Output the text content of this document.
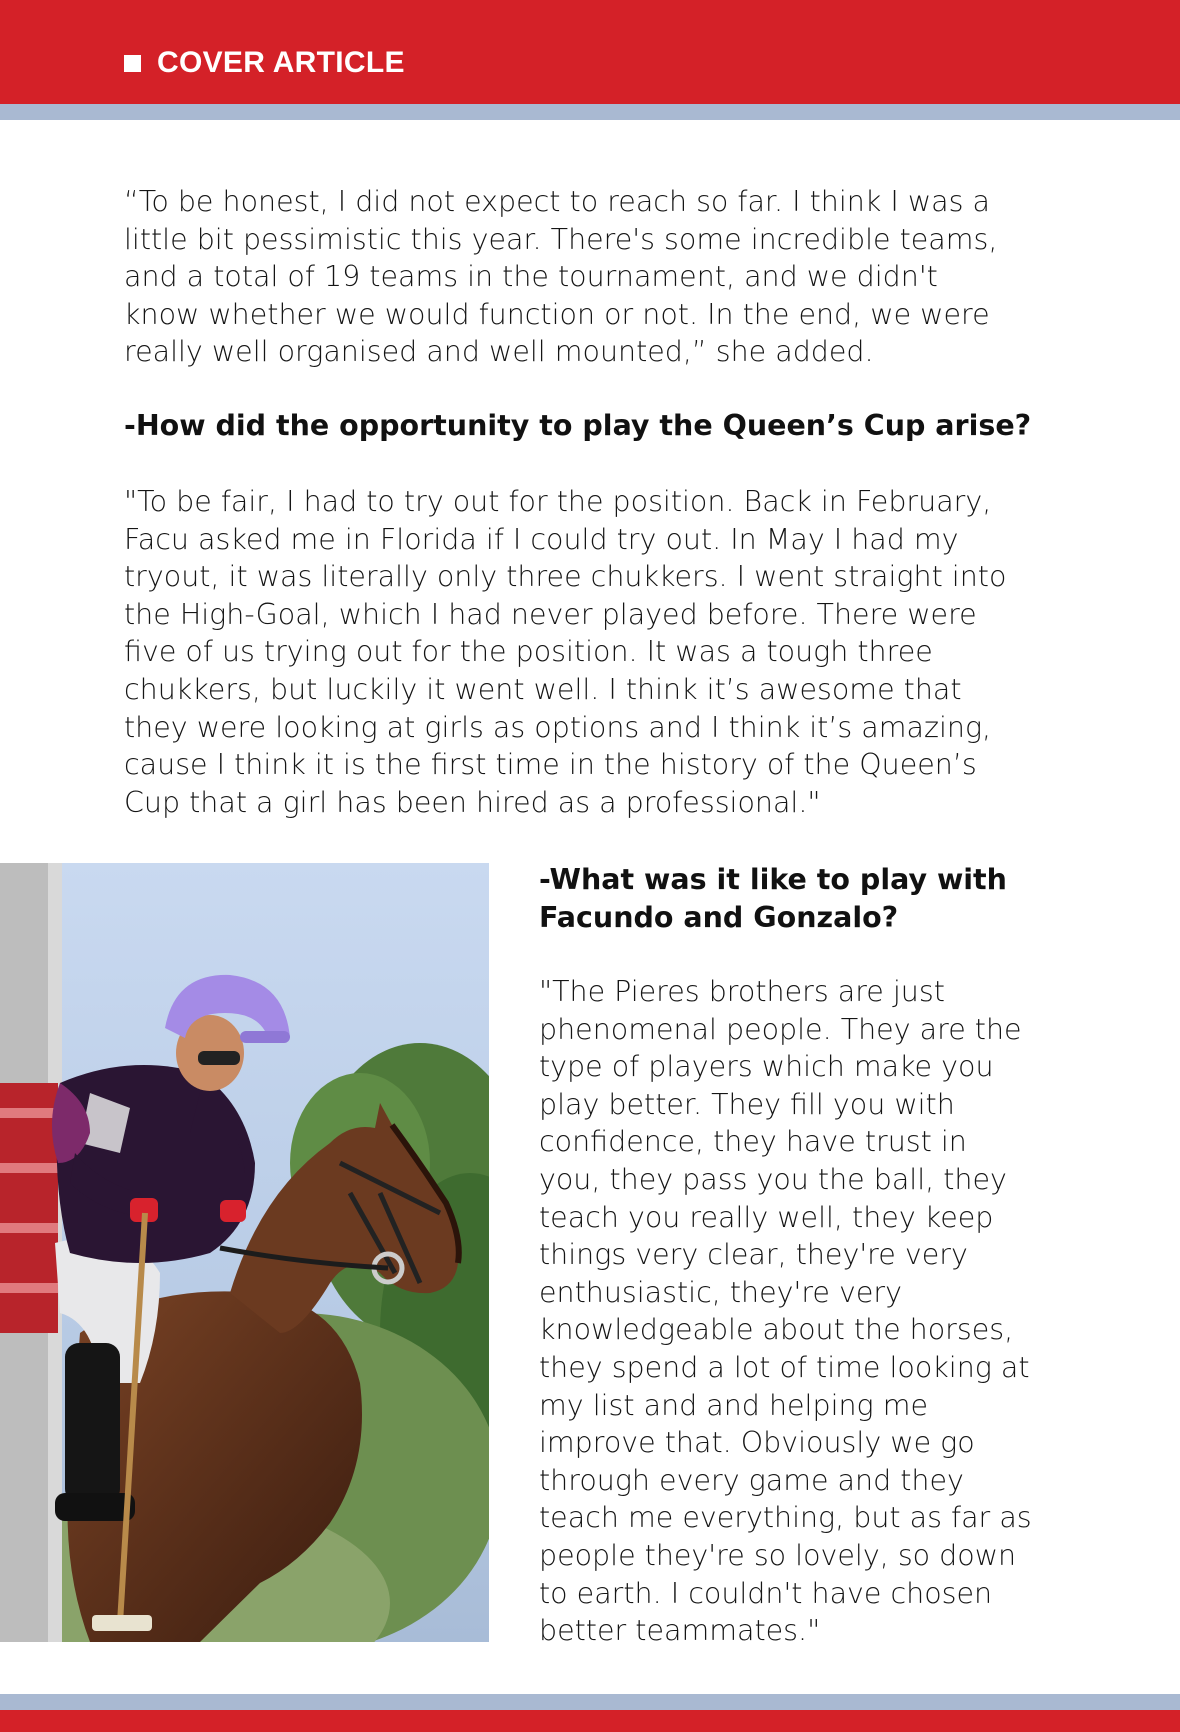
COVER ARTICLE

“To be honest, I did not expect to reach so far. I think I was a
little bit pessimistic this year. There's some incredible teams,
and a total of 19 teams in the tournament, and we didn't
know whether we would function or not. In the end, we were
really well organised and well mounted,” she added.

-How did the opportunity to play the Queen’s Cup arise?

"To be fair, I had to try out for the position. Back in February,
Facu asked me in Florida if I could try out. In May I had my
tryout, it was literally only three chukkers. I went straight into
the High-Goal, which I had never played before. There were
five of us trying out for the position. It was a tough three
chukkers, but luckily it went well. I think it’s awesome that
they were looking at girls as options and I think it’s amazing,
cause I think it is the first time in the history of the Queen’s
Cup that a girl has been hired as a professional."

-What was it like to play with
Facundo and Gonzalo?

"The Pieres brothers are just
phenomenal people. They are the
type of players which make you
play better. They fill you with
confidence, they have trust in
you, they pass you the ball, they
teach you really well, they keep
things very clear, they're very
enthusiastic, they're very
knowledgeable about the horses,
they spend a lot of time looking at
my list and and helping me
improve that. Obviously we go
through every game and they
teach me everything, but as far as
people they're so lovely, so down
to earth. I couldn't have chosen
better teammates."
